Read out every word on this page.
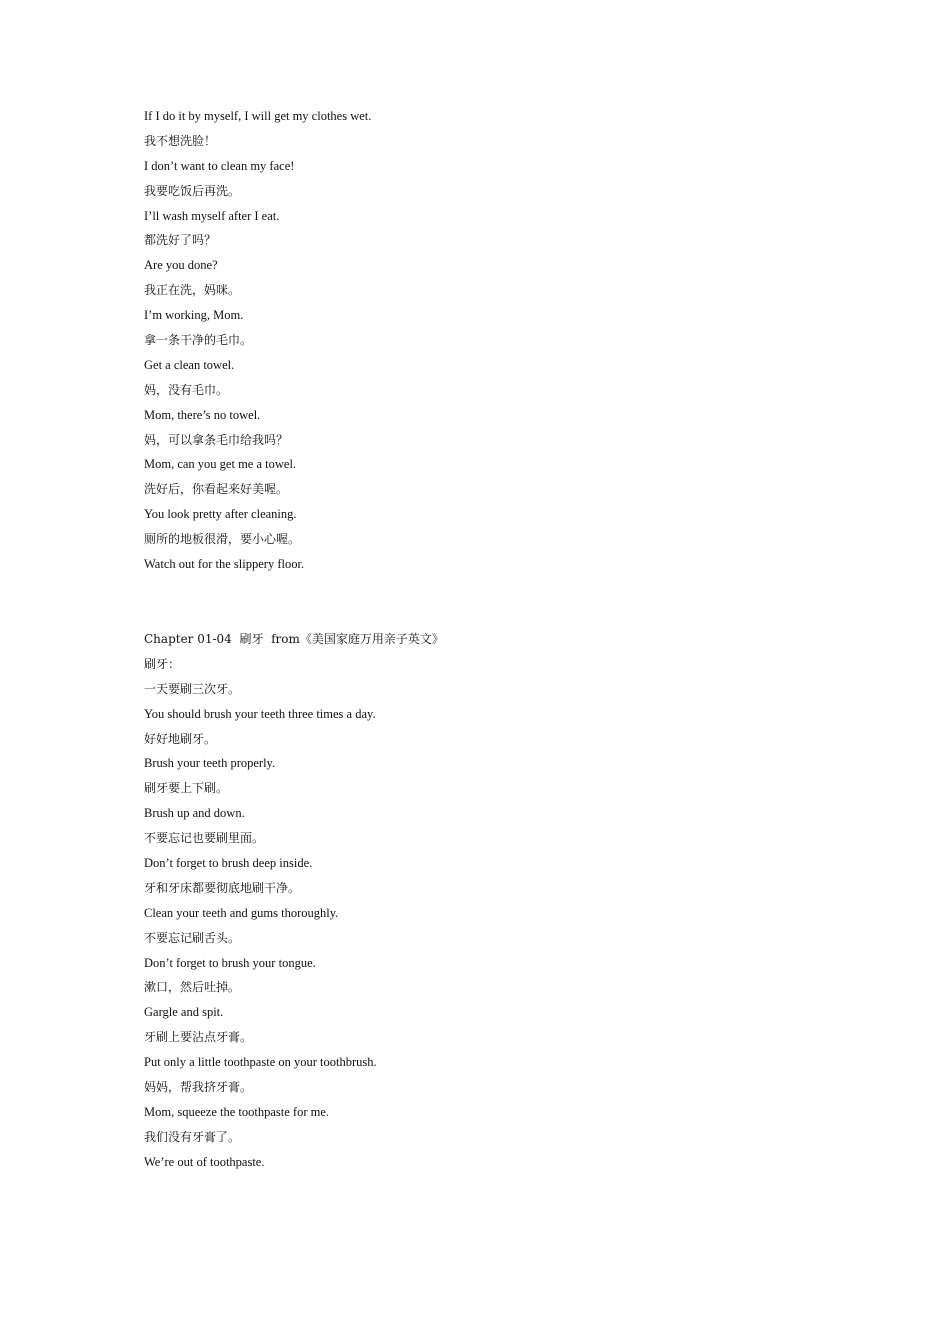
If I do it by myself, I will get my clothes wet.
我不想洗脸！
I don’t want to clean my face!
我要吃饭后再洗。
I’ll wash myself after I eat.
都洗好了吗？
Are you done?
我正在洗，妈咪。
I’m working, Mom.
拿一条干净的毛巾。
Get a clean towel.
妈，没有毛巾。
Mom, there’s no towel.
妈，可以拿条毛巾给我吗？
Mom, can you get me a towel.
洗好后，你看起来好美喔。
You look pretty after cleaning.
厕所的地板很滑，要小心喔。
Watch out for the slippery floor.
Chapter 01-04  刷牙  from《美国家庭万用亲子英文》
刷牙：
一天要刷三次牙。
You should brush your teeth three times a day.
好好地刷牙。
Brush your teeth properly.
刷牙要上下刷。
Brush up and down.
不要忘记也要刷里面。
Don’t forget to brush deep inside.
牙和牙床都要彻底地刷干净。
Clean your teeth and gums thoroughly.
不要忘记刷舌头。
Don’t forget to brush your tongue.
漱口，然后吐掉。
Gargle and spit.
牙刷上要沾点牙膏。
Put only a little toothpaste on your toothbrush.
妈妈，帮我挤牙膏。
Mom, squeeze the toothpaste for me.
我们没有牙膏了。
We’re out of toothpaste.
